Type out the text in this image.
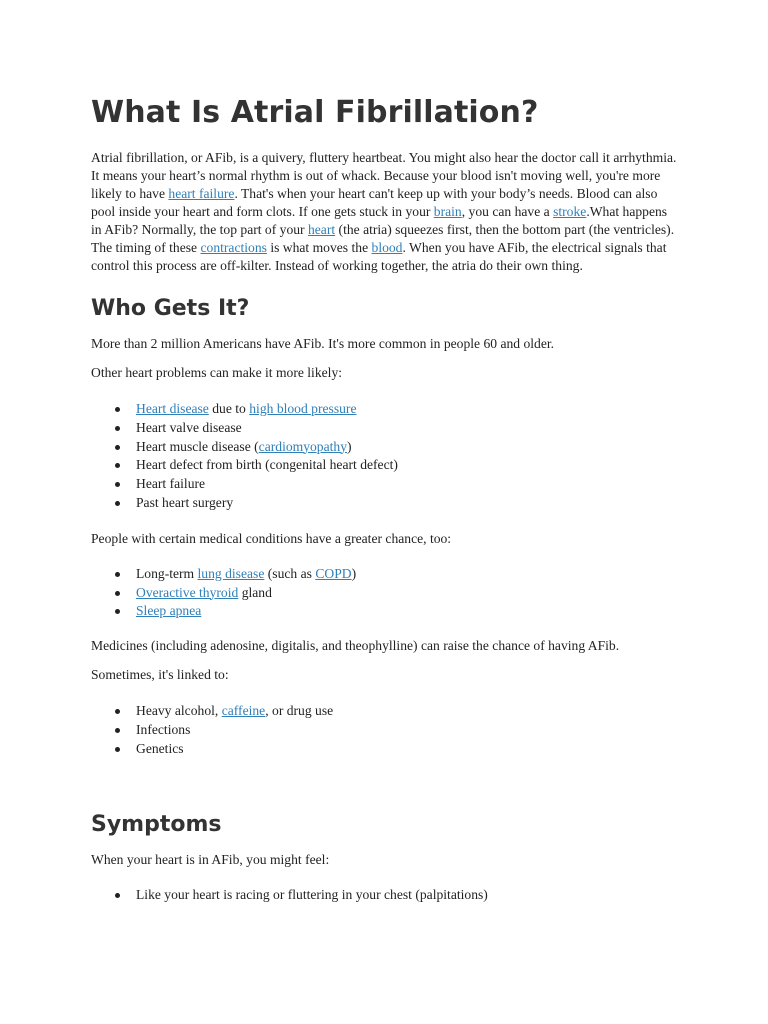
What Is Atrial Fibrillation?

Atrial fibrillation, or AFib, is a quivery, fluttery heartbeat. You might also hear the doctor call it arrhythmia. It means your heart’s normal rhythm is out of whack. Because your blood isn't moving well, you're more likely to have heart failure. That's when your heart can't keep up with your body’s needs. Blood can also pool inside your heart and form clots. If one gets stuck in your brain, you can have a stroke.What happens in AFib? Normally, the top part of your heart (the atria) squeezes first, then the bottom part (the ventricles). The timing of these contractions is what moves the blood. When you have AFib, the electrical signals that control this process are off-kilter. Instead of working together, the atria do their own thing.

Who Gets It?

More than 2 million Americans have AFib. It's more common in people 60 and older.

Other heart problems can make it more likely:

Heart disease due to high blood pressure
Heart valve disease
Heart muscle disease (cardiomyopathy)
Heart defect from birth (congenital heart defect)
Heart failure
Past heart surgery

People with certain medical conditions have a greater chance, too:

Long-term lung disease (such as COPD)
Overactive thyroid gland
Sleep apnea

Medicines (including adenosine, digitalis, and theophylline) can raise the chance of having AFib.

Sometimes, it's linked to:

Heavy alcohol, caffeine, or drug use
Infections
Genetics
Symptoms

When your heart is in AFib, you might feel:

Like your heart is racing or fluttering in your chest (palpitations)
